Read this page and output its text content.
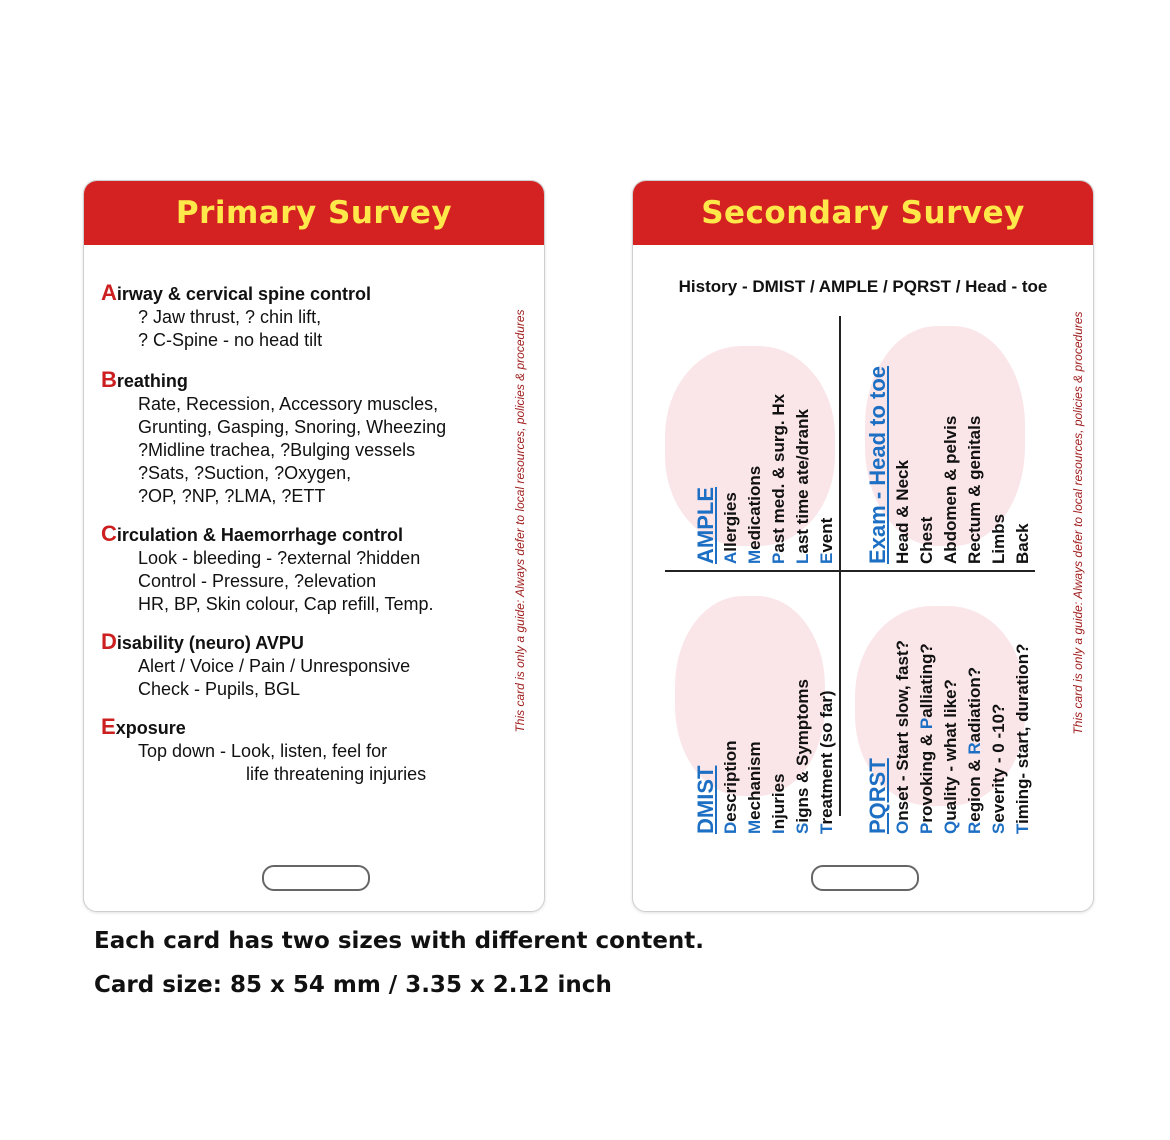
Primary Survey
Airway & cervical spine control
? Jaw thrust, ? chin lift,
? C-Spine - no head tilt
Breathing
Rate, Recession, Accessory muscles,
Grunting, Gasping, Snoring, Wheezing
?Midline trachea, ?Bulging vessels
?Sats, ?Suction, ?Oxygen,
?OP, ?NP, ?LMA, ?ETT
Circulation & Haemorrhage control
Look - bleeding - ?external ?hidden
Control - Pressure, ?elevation
HR, BP, Skin colour, Cap refill, Temp.
Disability (neuro) AVPU
Alert / Voice / Pain / Unresponsive
Check - Pupils, BGL
Exposure
Top down - Look, listen, feel for
life threatening injuries
This card is only a guide: Always defer to local resources, policies & procedures
Secondary Survey
History - DMIST / AMPLE / PQRST / Head - toe
AMPLE Allergies
Medications
Past med. & surg. Hx
Last time ate/drank
Event Exam - Head to toe Head & Neck Chest Abdomen & pelvis Rectum & genitals Limbs Back
DMIST Description
Mechanism
Injuries Signs & Symptoms
Treatment (so far) PQRST Onset - Start slow, fast?
Provoking & Palliating?
Quality - what like?
Region & Radiation?
Severity - 0 -10?
Timing- start, duration?	This card is only a guide: Always defer to local resources, policies & procedures
Each card has two sizes with different content.
Card size: 85 x 54 mm / 3.35 x 2.12 inch
